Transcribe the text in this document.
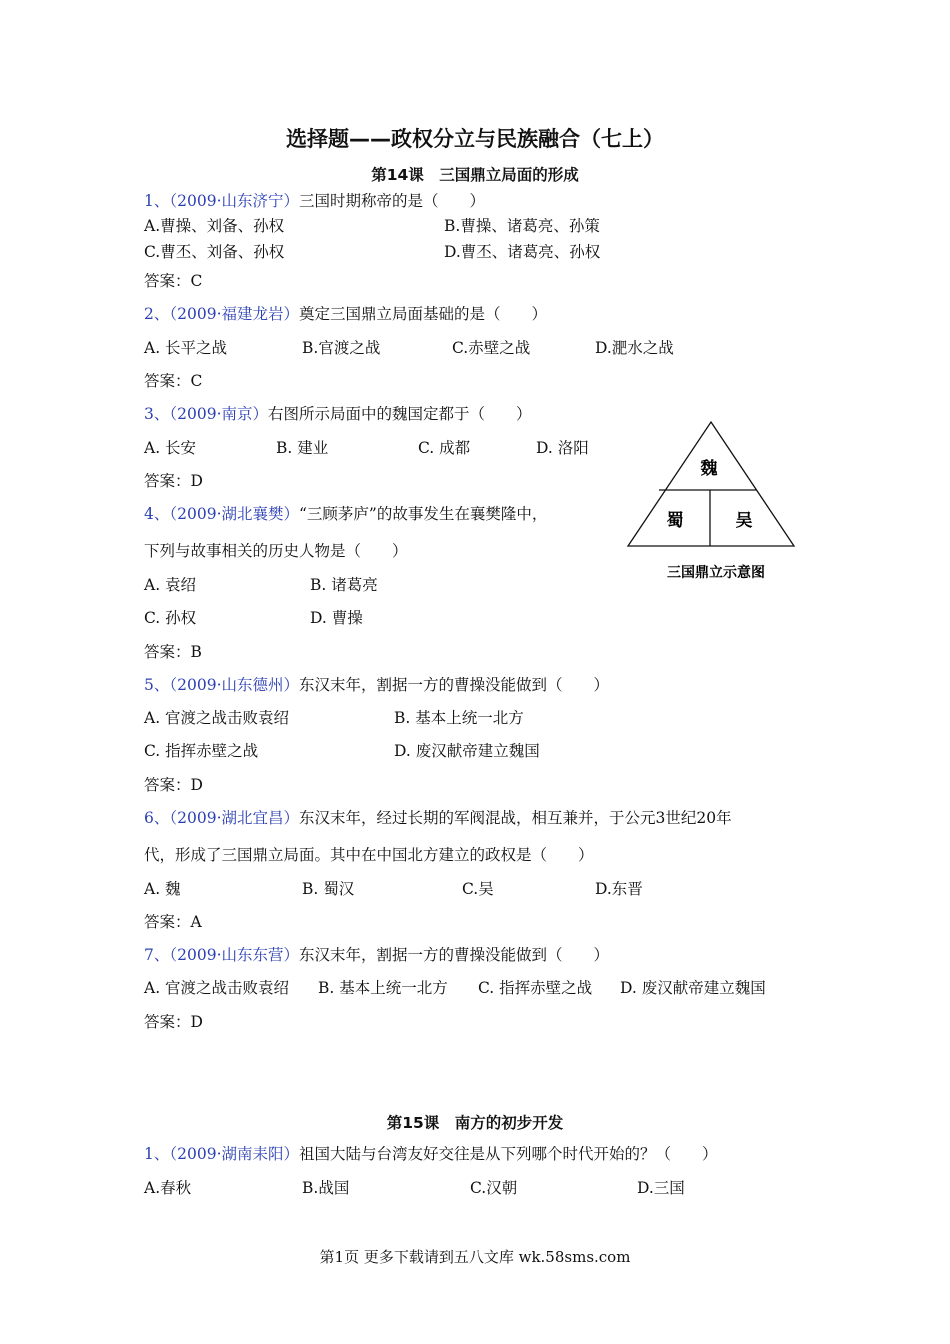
选择题——政权分立与民族融合（七上）
第14课　三国鼎立局面的形成
1、（2009·山东济宁）三国时期称帝的是（　　）
A.曹操、刘备、孙权	B.曹操、诸葛亮、孙策
C.曹丕、刘备、孙权	D.曹丕、诸葛亮、孙权
答案：C
2、（2009·福建龙岩）奠定三国鼎立局面基础的是（　　）
A. 长平之战	B.官渡之战	C.赤壁之战	D.淝水之战
答案：C
3、（2009·南京）右图所示局面中的魏国定都于（　　）
A. 长安	B. 建业	C. 成都	D. 洛阳
答案：D
魏
蜀	吴
三国鼎立示意图
4、（2009·湖北襄樊）“三顾茅庐”的故事发生在襄樊隆中，
下列与故事相关的历史人物是（　　）
A. 袁绍	B. 诸葛亮
C. 孙权	D. 曹操
答案：B
5、（2009·山东德州）东汉末年，割据一方的曹操没能做到（　　）
A. 官渡之战击败袁绍	B. 基本上统一北方
C. 指挥赤壁之战	D. 废汉献帝建立魏国
答案：D
6、（2009·湖北宜昌）东汉末年，经过长期的军阀混战，相互兼并，于公元3世纪20年
代，形成了三国鼎立局面。其中在中国北方建立的政权是（　　）
A. 魏	B. 蜀汉	C.吴	D.东晋
答案：A
7、（2009·山东东营）东汉末年，割据一方的曹操没能做到（　　）
A. 官渡之战击败袁绍 B. 基本上统一北方 C. 指挥赤壁之战 D. 废汉献帝建立魏国
答案：D
第15课　南方的初步开发
1、（2009·湖南耒阳）祖国大陆与台湾友好交往是从下列哪个时代开始的？（　　）
A.春秋	B.战国	C.汉朝	D.三国
第1页 更多下载请到五八文库 wk.58sms.com
